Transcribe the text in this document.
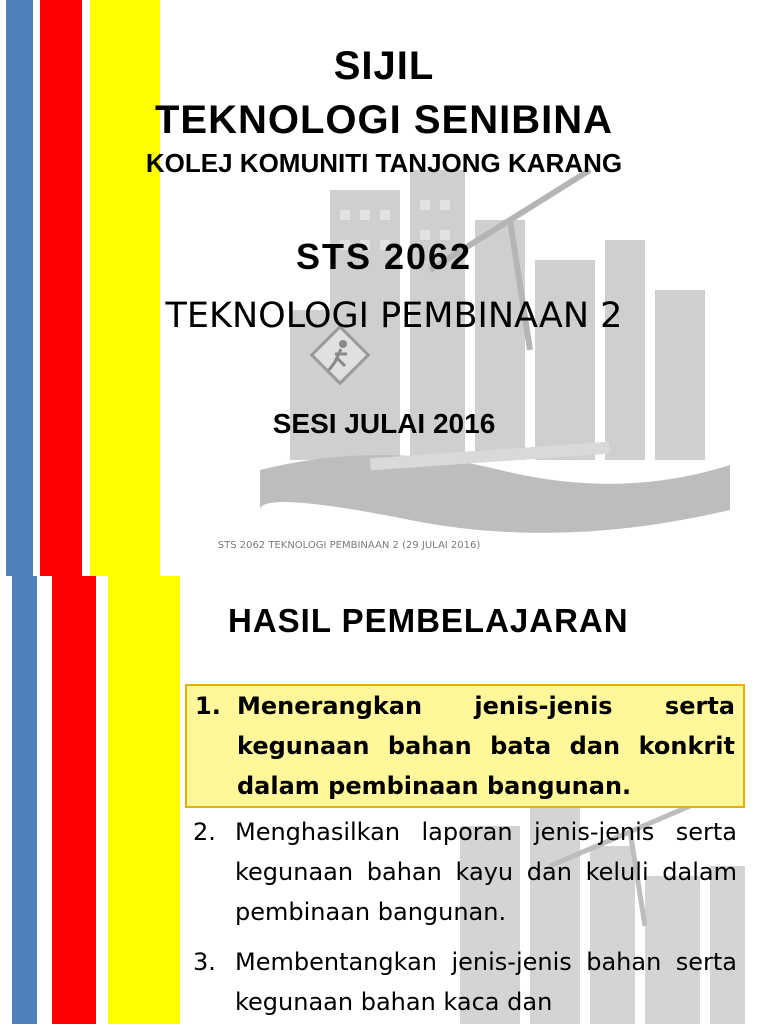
SIJIL
TEKNOLOGI SENIBINA
KOLEJ KOMUNITI TANJONG KARANG
STS 2062
TEKNOLOGI PEMBINAAN 2
SESI JULAI 2016
STS 2062 TEKNOLOGI PEMBINAAN 2 (29 JULAI 2016)
HASIL PEMBELAJARAN
1. Menerangkan jenis-jenis serta kegunaan bahan bata dan konkrit dalam pembinaan bangunan.
2. Menghasilkan laporan jenis-jenis serta kegunaan bahan kayu dan keluli dalam pembinaan bangunan.
3. Membentangkan jenis-jenis bahan serta kegunaan bahan kaca dan
